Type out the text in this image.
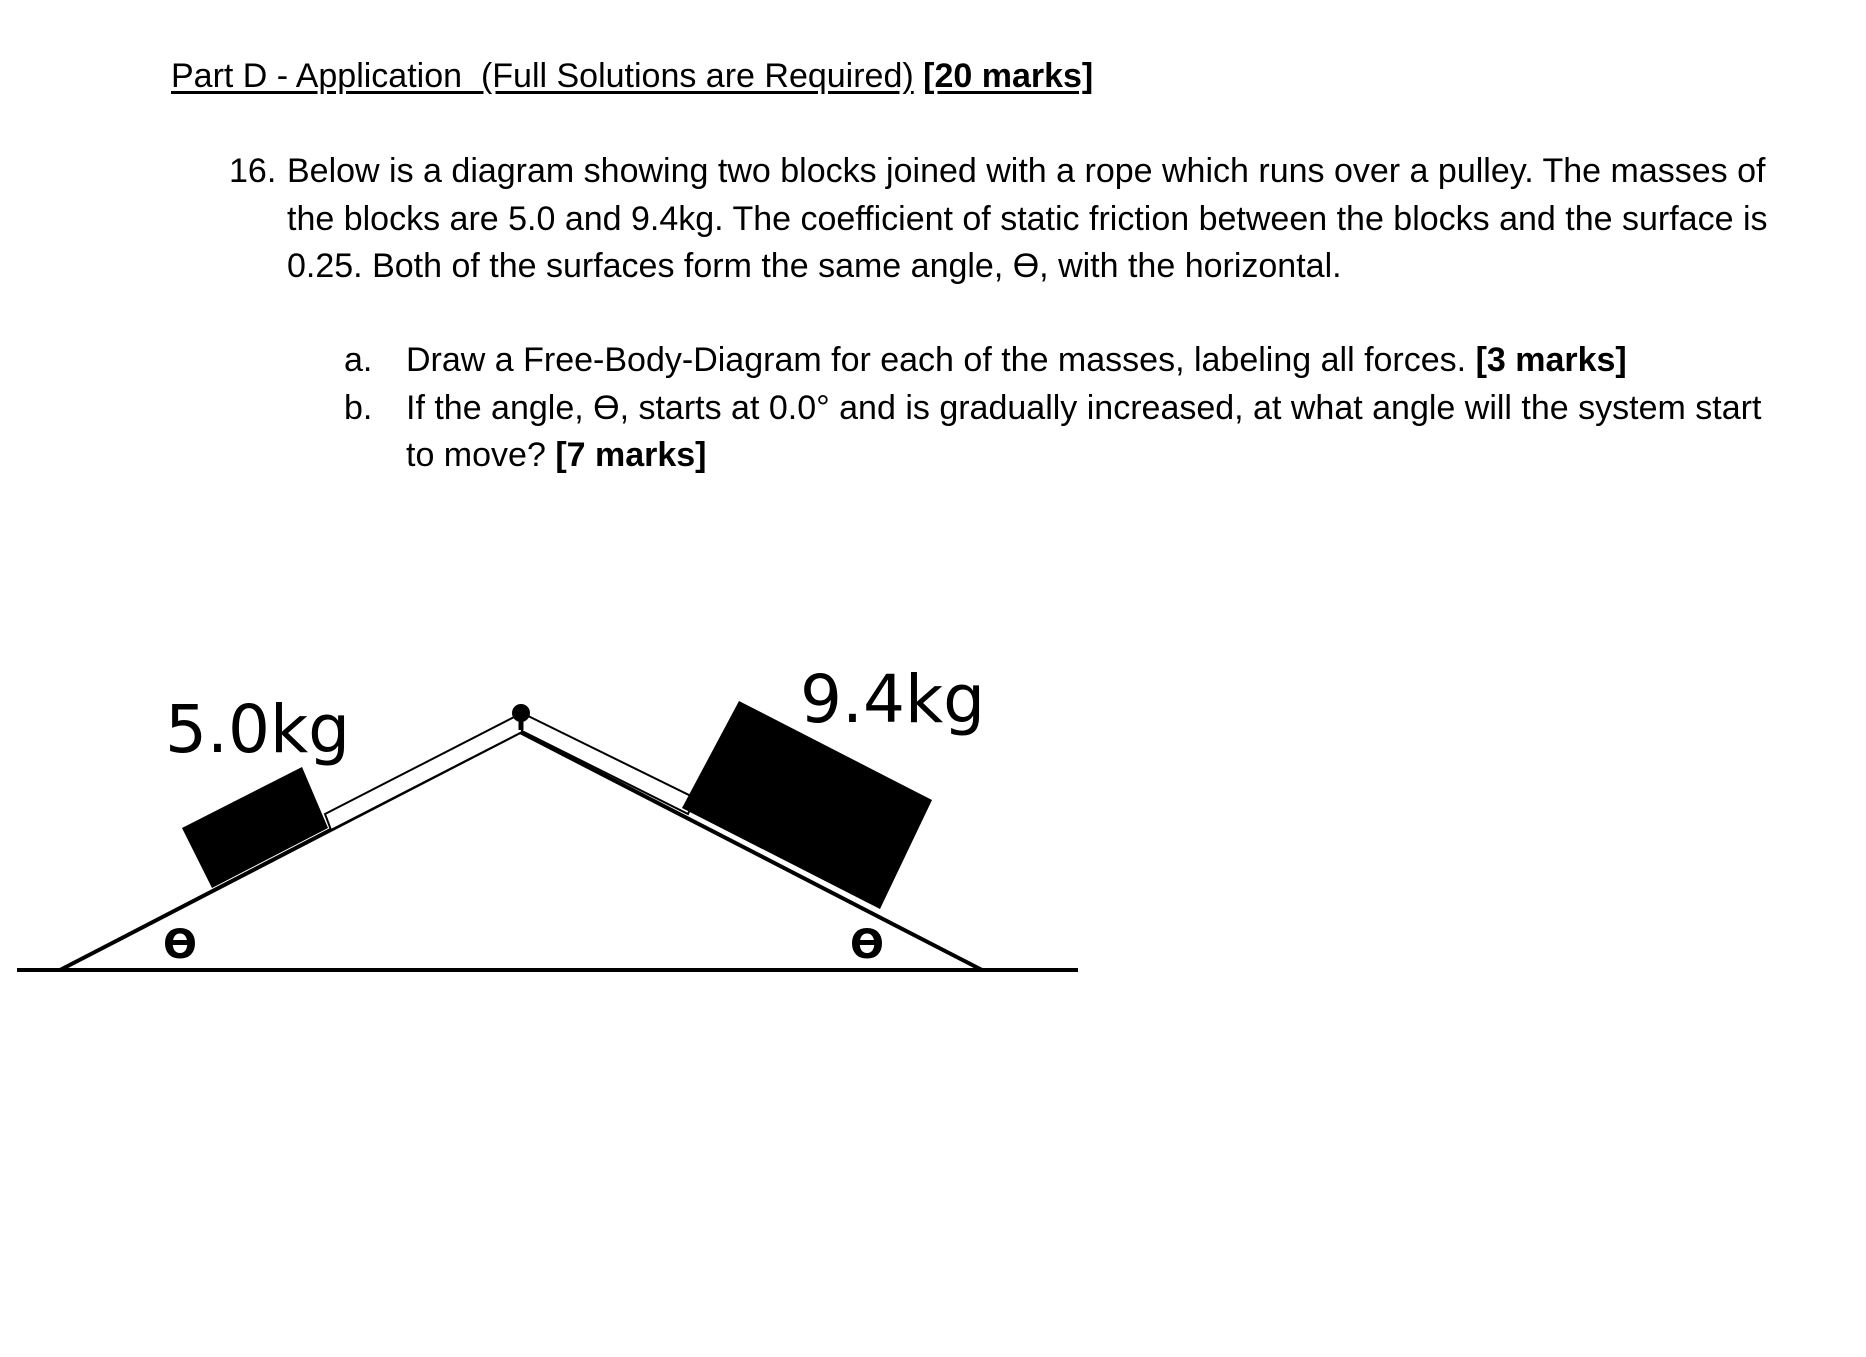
Part D - Application (Full Solutions are Required) [20 marks]
16. Below is a diagram showing two blocks joined with a rope which runs over a pulley. The masses of the blocks are 5.0 and 9.4kg. The coefficient of static friction between the blocks and the surface is 0.25. Both of the surfaces form the same angle, ϴ, with the horizontal.
a. Draw a Free-Body-Diagram for each of the masses, labeling all forces. [3 marks]
b. If the angle, ϴ, starts at 0.0° and is gradually increased, at what angle will the system start to move? [7 marks]
5.0kg	9.4kg
ϴ	ϴ
